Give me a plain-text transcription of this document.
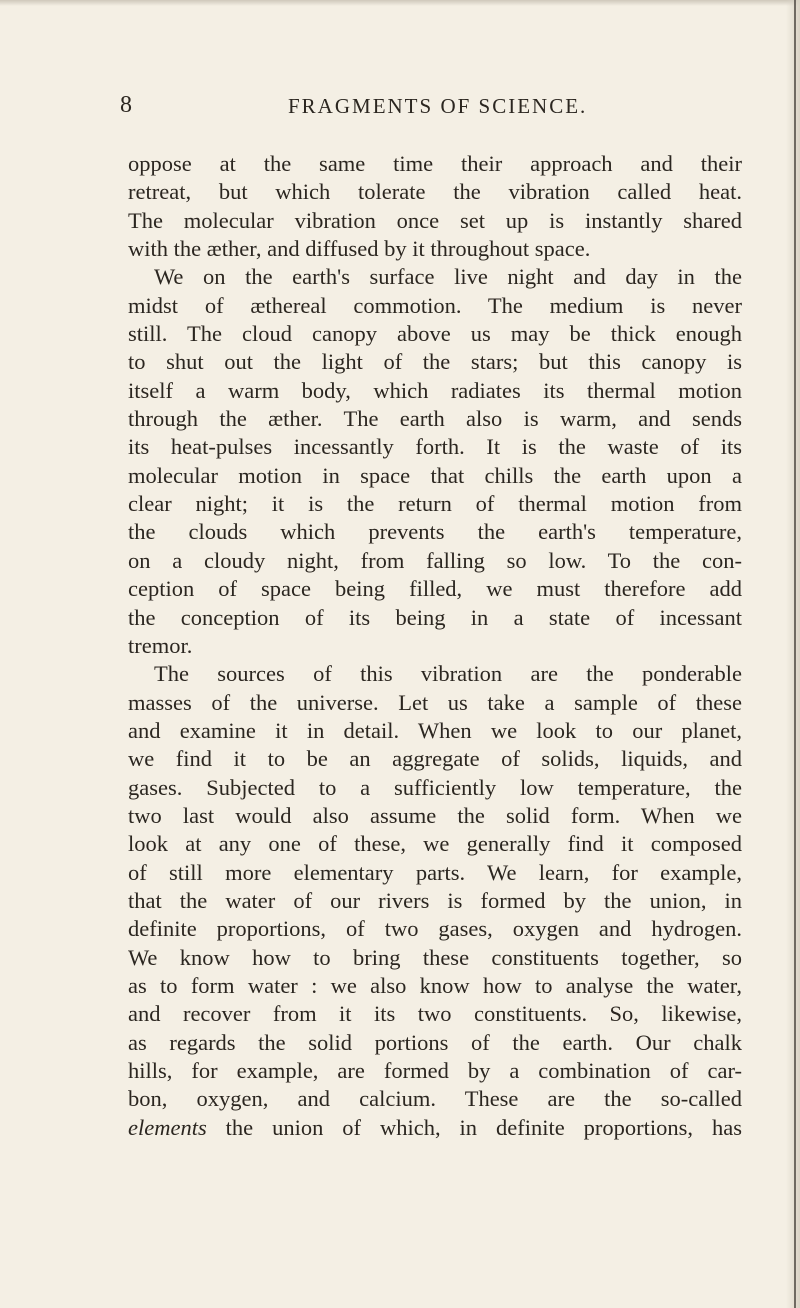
8	FRAGMENTS OF SCIENCE.
oppose at the same time their approach and their
retreat, but which tolerate the vibration called heat.
The molecular vibration once set up is instantly shared
with the æther, and diffused by it throughout space.
We on the earth's surface live night and day in the
midst of æthereal commotion. The medium is never
still. The cloud canopy above us may be thick enough
to shut out the light of the stars; but this canopy is
itself a warm body, which radiates its thermal motion
through the æther. The earth also is warm, and sends
its heat-pulses incessantly forth. It is the waste of its
molecular motion in space that chills the earth upon a
clear night; it is the return of thermal motion from
the clouds which prevents the earth's temperature,
on a cloudy night, from falling so low. To the con-
ception of space being filled, we must therefore add
the conception of its being in a state of incessant
tremor.
The sources of this vibration are the ponderable
masses of the universe. Let us take a sample of these
and examine it in detail. When we look to our planet,
we find it to be an aggregate of solids, liquids, and
gases. Subjected to a sufficiently low temperature, the
two last would also assume the solid form. When we
look at any one of these, we generally find it composed
of still more elementary parts. We learn, for example,
that the water of our rivers is formed by the union, in
definite proportions, of two gases, oxygen and hydrogen.
We know how to bring these constituents together, so
as to form water : we also know how to analyse the water,
and recover from it its two constituents. So, likewise,
as regards the solid portions of the earth. Our chalk
hills, for example, are formed by a combination of car-
bon, oxygen, and calcium. These are the so-called
elements the union of which, in definite proportions, has
